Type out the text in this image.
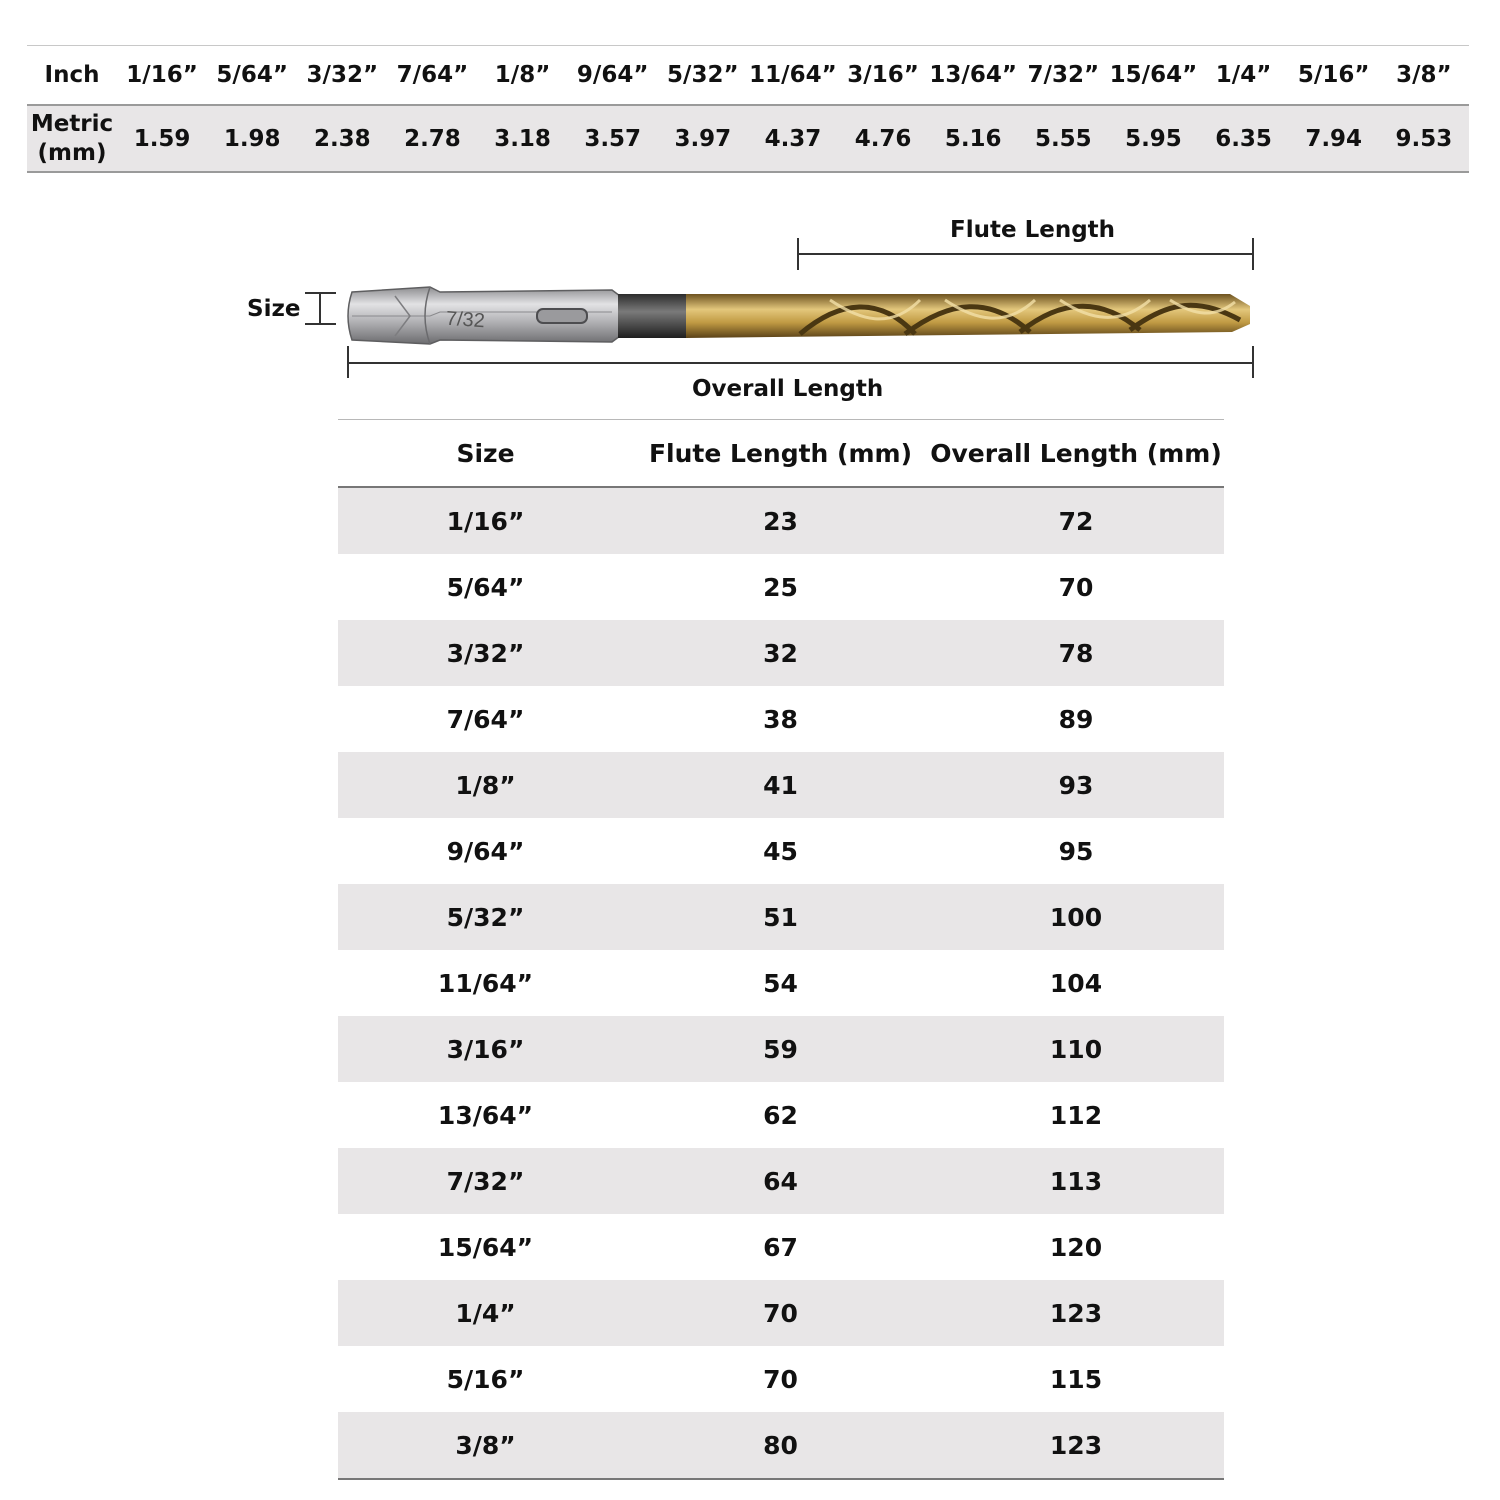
Inch	1/16”	5/64”	3/32”	7/64”	1/8”	9/64”	5/32”	11/64”	3/16”	13/64”	7/32”	15/64”	1/4”	5/16”	3/8”
Metric
(mm)	1.59	1.98	2.38	2.78	3.18	3.57	3.97	4.37	4.76	5.16	5.55	5.95	6.35	7.94	9.53
7/32
Flute Length
Overall Length
Size
Size	Flute Length (mm)	Overall Length (mm)
1/16”	23	72
5/64”	25	70
3/32”	32	78
7/64”	38	89
1/8”	41	93
9/64”	45	95
5/32”	51	100
11/64”	54	104
3/16”	59	110
13/64”	62	112
7/32”	64	113
15/64”	67	120
1/4”	70	123
5/16”	70	115
3/8”	80	123
